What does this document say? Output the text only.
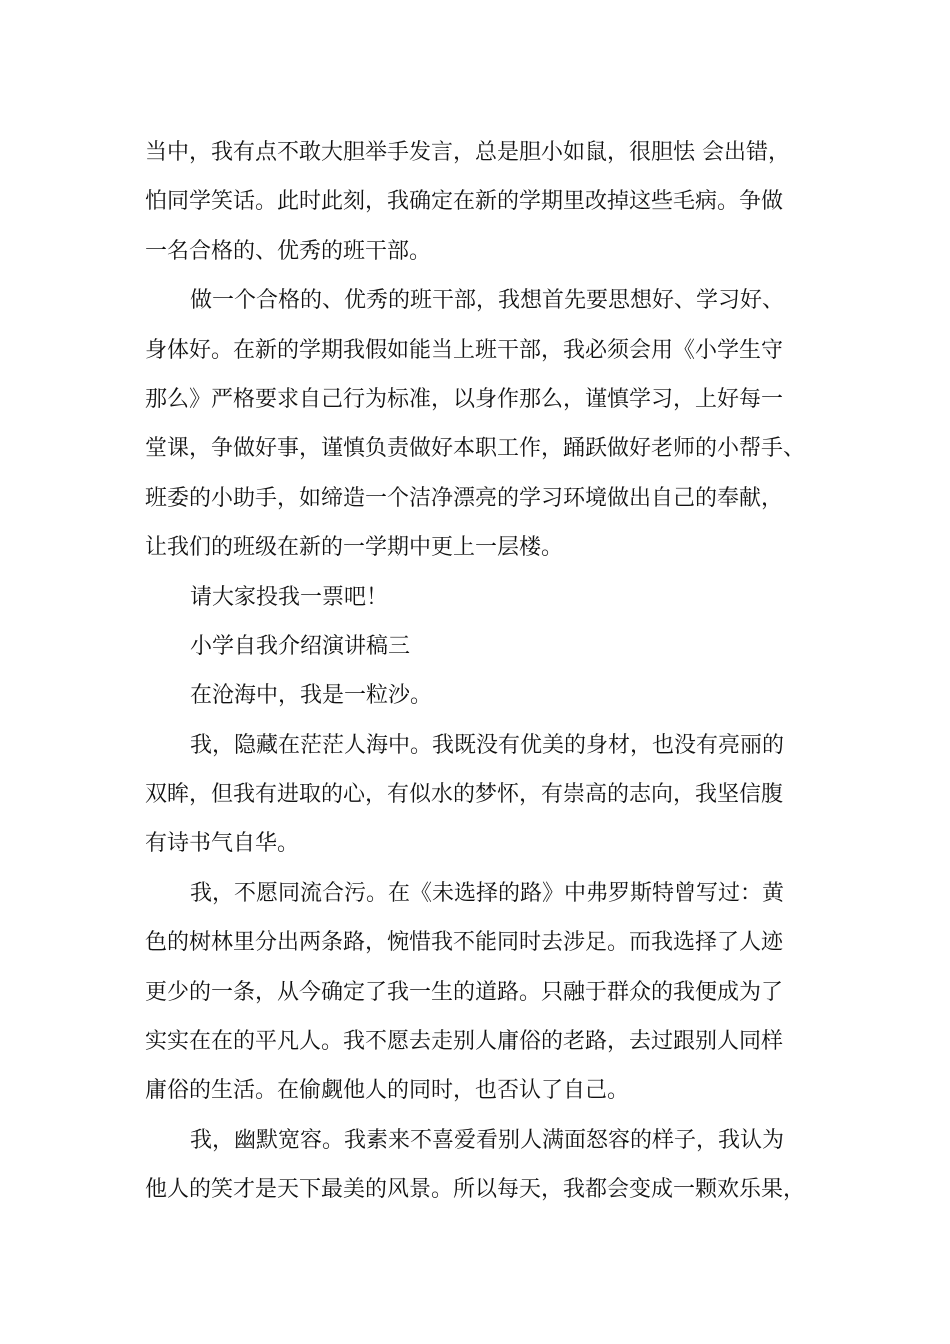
当中，我有点不敢大胆举手发言，总是胆小如鼠，很胆怯 会出错，

怕同学笑话。此时此刻，我确定在新的学期里改掉这些毛病。争做

一名合格的、优秀的班干部。

做一个合格的、优秀的班干部，我想首先要思想好、学习好、

身体好。在新的学期我假如能当上班干部，我必须会用《小学生守

那么》严格要求自己行为标准，以身作那么，谨慎学习，上好每一

堂课，争做好事，谨慎负责做好本职工作，踊跃做好老师的小帮手、

班委的小助手，如缔造一个洁净漂亮的学习环境做出自己的奉献，

让我们的班级在新的一学期中更上一层楼。

请大家投我一票吧！

小学自我介绍演讲稿三

在沧海中，我是一粒沙。

我，隐藏在茫茫人海中。我既没有优美的身材，也没有亮丽的

双眸，但我有进取的心，有似水的梦怀，有崇高的志向，我坚信腹

有诗书气自华。

我，不愿同流合污。在《未选择的路》中弗罗斯特曾写过：黄

色的树林里分出两条路，惋惜我不能同时去涉足。而我选择了人迹

更少的一条，从今确定了我一生的道路。只融于群众的我便成为了

实实在在的平凡人。我不愿去走别人庸俗的老路，去过跟别人同样

庸俗的生活。在偷觑他人的同时，也否认了自己。

我，幽默宽容。我素来不喜爱看别人满面怒容的样子，我认为

他人的笑才是天下最美的风景。所以每天，我都会变成一颗欢乐果，
